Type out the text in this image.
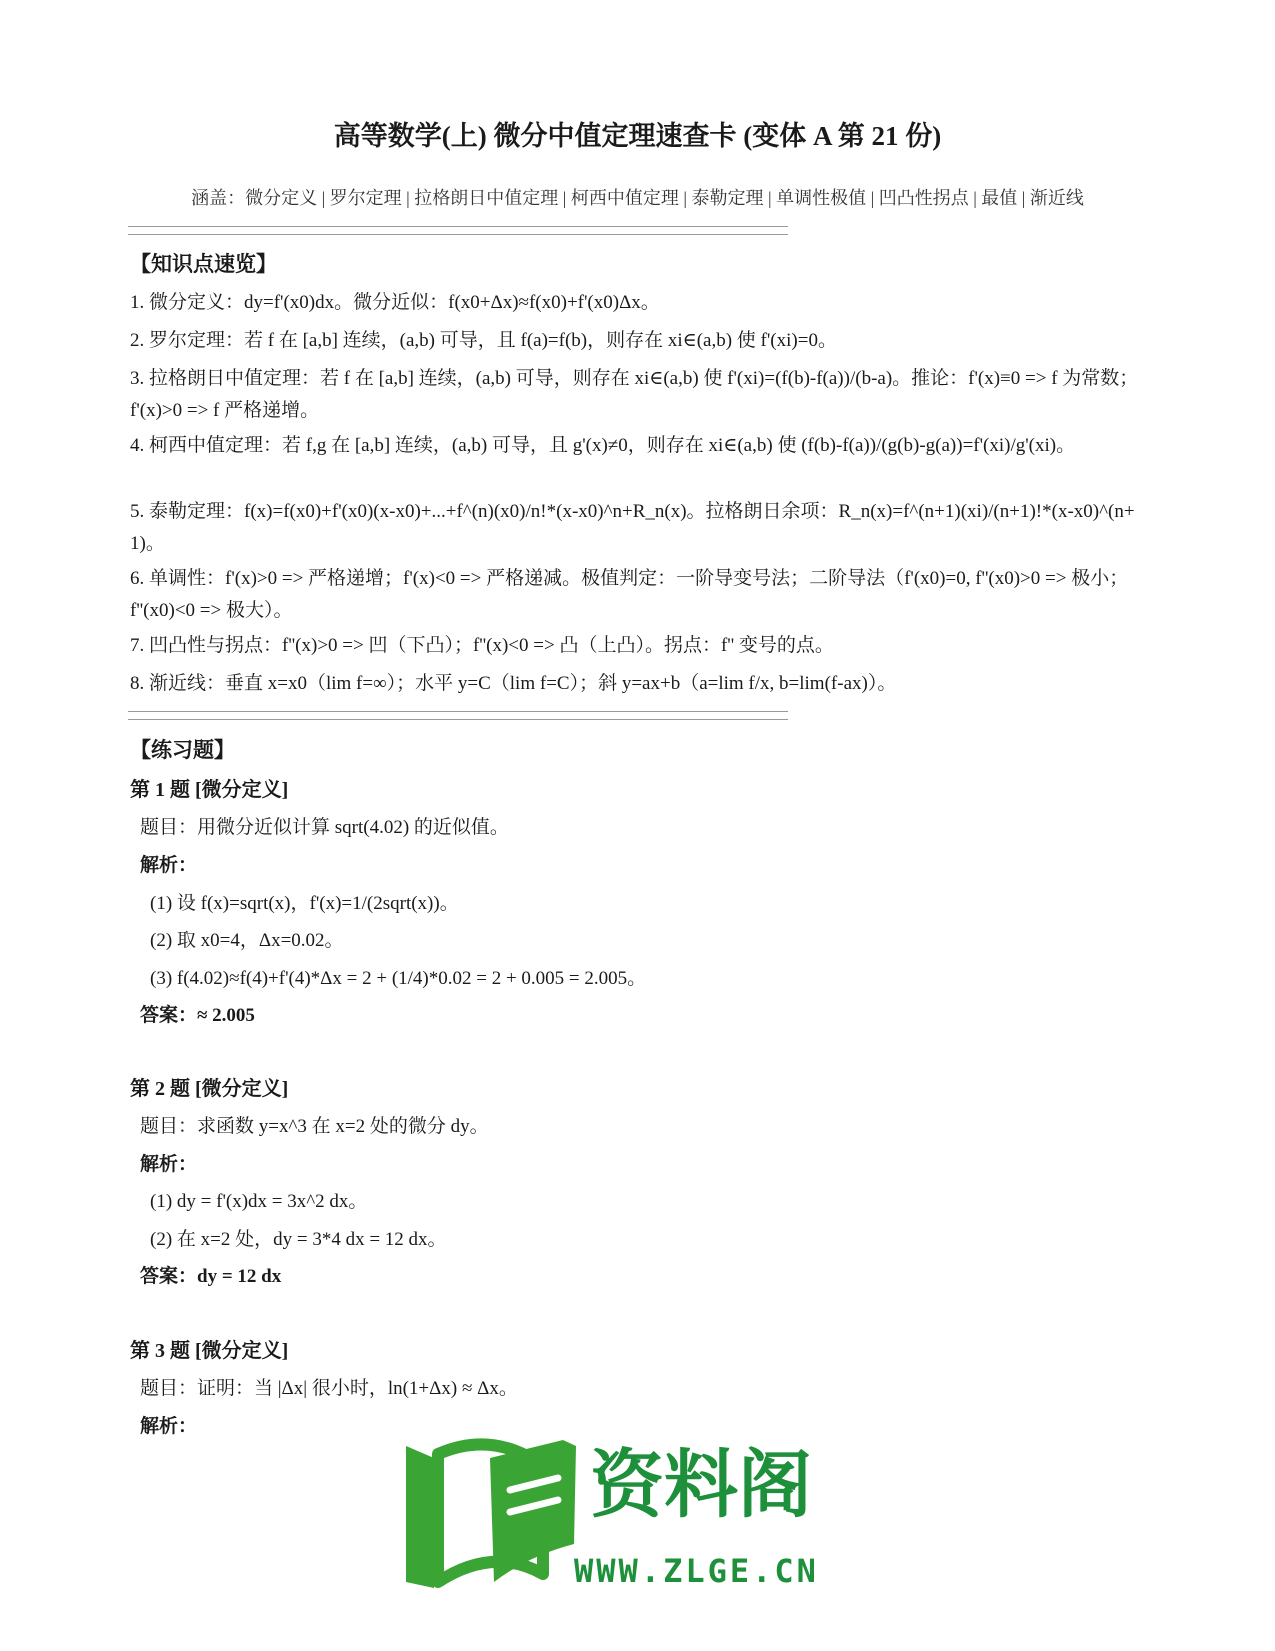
高等数学(上) 微分中值定理速查卡 (变体 A 第 21 份)

涵盖：微分定义 | 罗尔定理 | 拉格朗日中值定理 | 柯西中值定理 | 泰勒定理 | 单调性极值 | 凹凸性拐点 | 最值 | 渐近线

【知识点速览】

1. 微分定义：dy=f'(x0)dx。微分近似：f(x0+Δx)≈f(x0)+f'(x0)Δx。

2. 罗尔定理：若 f 在 [a,b] 连续，(a,b) 可导，且 f(a)=f(b)，则存在 xi∈(a,b) 使 f'(xi)=0。

3. 拉格朗日中值定理：若 f 在 [a,b] 连续，(a,b) 可导，则存在 xi∈(a,b) 使 f'(xi)=(f(b)-f(a))/(b-a)。推论：f'(x)≡0 => f 为常数；f'(x)>0 => f 严格递增。

4. 柯西中值定理：若 f,g 在 [a,b] 连续，(a,b) 可导，且 g'(x)≠0，则存在 xi∈(a,b) 使 (f(b)-f(a))/(g(b)-g(a))=f'(xi)/g'(xi)。

5. 泰勒定理：f(x)=f(x0)+f'(x0)(x-x0)+...+f^(n)(x0)/n!*(x-x0)^n+R_n(x)。拉格朗日余项：R_n(x)=f^(n+1)(xi)/(n+1)!*(x-x0)^(n+1)。

6. 单调性：f'(x)>0 => 严格递增；f'(x)<0 => 严格递减。极值判定：一阶导变号法；二阶导法（f'(x0)=0, f''(x0)>0 => 极小；f''(x0)<0 => 极大）。

7. 凹凸性与拐点：f''(x)>0 => 凹（下凸）；f''(x)<0 => 凸（上凸）。拐点：f'' 变号的点。

8. 渐近线：垂直 x=x0（lim f=∞）；水平 y=C（lim f=C）；斜 y=ax+b（a=lim f/x, b=lim(f-ax)）。

【练习题】

第 1 题 [微分定义]

题目：用微分近似计算 sqrt(4.02) 的近似值。

解析：

(1) 设 f(x)=sqrt(x)，f'(x)=1/(2sqrt(x))。

(2) 取 x0=4，Δx=0.02。

(3) f(4.02)≈f(4)+f'(4)*Δx = 2 + (1/4)*0.02 = 2 + 0.005 = 2.005。

答案：≈ 2.005

第 2 题 [微分定义]

题目：求函数 y=x^3 在 x=2 处的微分 dy。

解析：

(1) dy = f'(x)dx = 3x^2 dx。

(2) 在 x=2 处，dy = 3*4 dx = 12 dx。

答案：dy = 12 dx

第 3 题 [微分定义]

题目：证明：当 |Δx| 很小时，ln(1+Δx) ≈ Δx。

解析：

资料阁
WWW.ZLGE.CN
